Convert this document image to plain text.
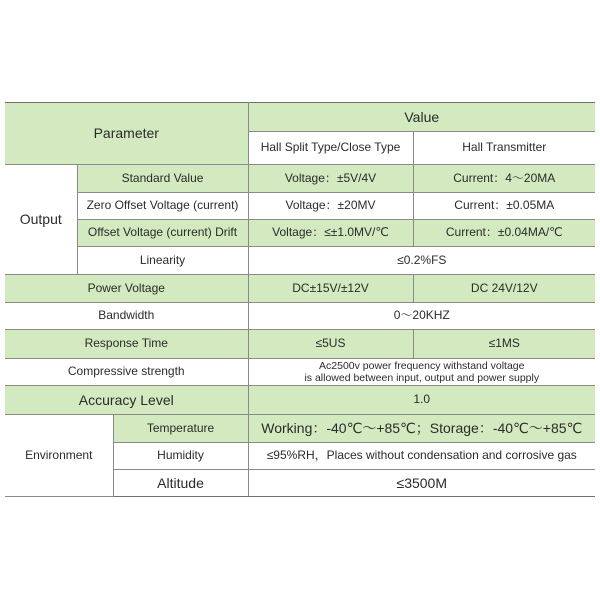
Parameter			Value	
			Hall Split Type/Close Type	Hall Transmitter
Output	Standard Value		Voltage：±5V/4V	Current：4～20MA
	Zero Offset Voltage (current)		Voltage：±20MV	Current：±0.05MA
	Offset Voltage (current) Drift		Voltage：≤±1.0MV/℃	Current：±0.04MA/℃
	Linearity		≤0.2%FS	
Power Voltage			DC±15V/±12V	DC 24V/12V
Bandwidth			0～20KHZ	
Response Time			≤5US	≤1MS
Compressive strength			Ac2500v power frequency withstand voltage
is allowed between input, output and power supply	

Accuracy Level			1.0	
Environment		Temperature	Working：-40℃～+85℃；Storage：-40℃～+85℃	
		Humidity	≤95%RH，Places without condensation and corrosive gas	
		Altitude	≤3500M	
